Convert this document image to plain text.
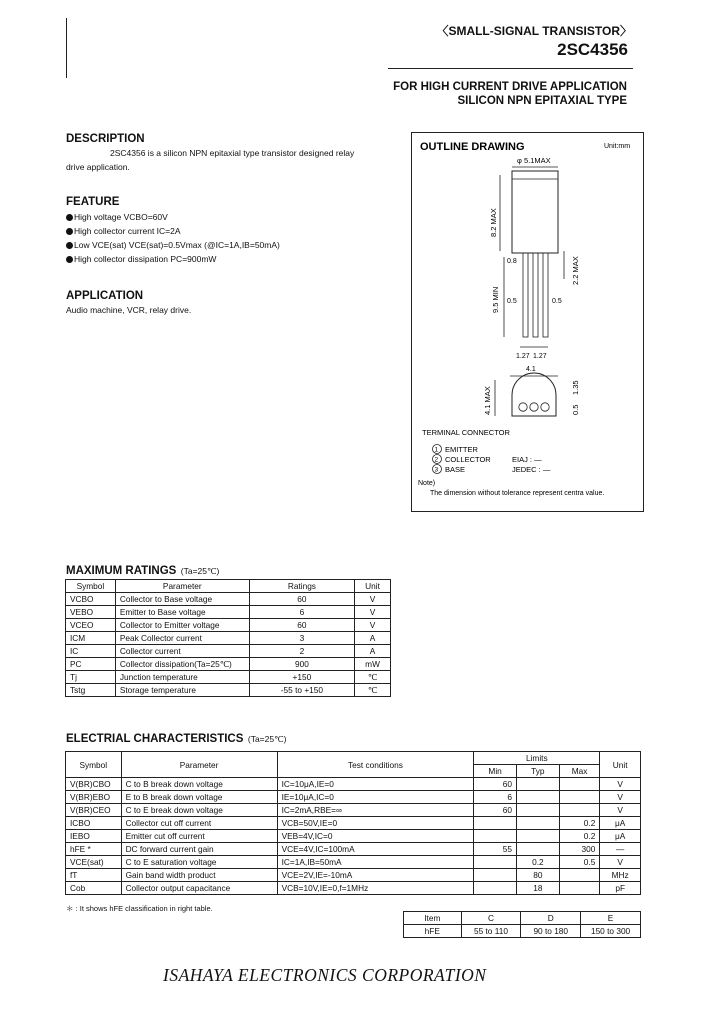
〈SMALL-SIGNAL TRANSISTOR〉
2SC4356
FOR HIGH CURRENT DRIVE APPLICATION
SILICON NPN EPITAXIAL TYPE
DESCRIPTION
2SC4356 is a silicon NPN epitaxial type transistor designed relay
drive application.
FEATURE
High voltage VCBO=60V
High collector current IC=2A
Low VCE(sat) VCE(sat)=0.5Vmax (@IC=1A,IB=50mA)
High collector dissipation PC=900mW
APPLICATION
Audio machine, VCR, relay drive.
OUTLINE DRAWING	Unit:mm
φ 5.1MAX
8.2 MAX
9.5 MIN
0.8
0.5	0.5
2.2 MAX
1.27 1.27
4.1
4.1 MAX	1.35
0.5
TERMINAL CONNECTOR
1 EMITTER
2 COLLECTOR	EIAJ : —
3 BASE	JEDEC : —
Note)
The dimension without tolerance represent centra value.
MAXIMUM RATINGS (Ta=25℃)
Symbol	Parameter	Ratings	Unit
VCBO	Collector to Base voltage	60	V
VEBO	Emitter to Base voltage	6	V
VCEO	Collector to Emitter voltage	60	V
ICM	Peak Collector current	3	A
IC	Collector current	2	A
PC	Collector dissipation(Ta=25℃)	900	mW
Tj	Junction temperature	+150	℃
Tstg	Storage temperature	-55 to +150	℃
ELECTRIAL CHARACTERISTICS (Ta=25℃)
Symbol	Parameter	Test conditions	Limits			Unit
			Min	Typ	Max	
V(BR)CBO	C to B break down voltage	IC=10μA,IE=0	60			V
V(BR)EBO	E to B break down voltage	IE=10μA,IC=0	6			V
V(BR)CEO	C to E break down voltage	IC=2mA,RBE=∞	60			V
ICBO	Collector cut off current	VCB=50V,IE=0			0.2	μA
IEBO	Emitter cut off current	VEB=4V,IC=0			0.2	μA
hFE *	DC forward current gain	VCE=4V,IC=100mA	55		300	—
VCE(sat)	C to E saturation voltage	IC=1A,IB=50mA		0.2	0.5	V
fT	Gain band width product	VCE=2V,IE=-10mA		80		MHz
Cob	Collector output capacitance	VCB=10V,IE=0,f=1MHz		18		pF
＊ : It shows hFE classification in right table.
Item	C	D	E
hFE	55 to 110	90 to 180	150 to 300
ISAHAYA ELECTRONICS CORPORATION
